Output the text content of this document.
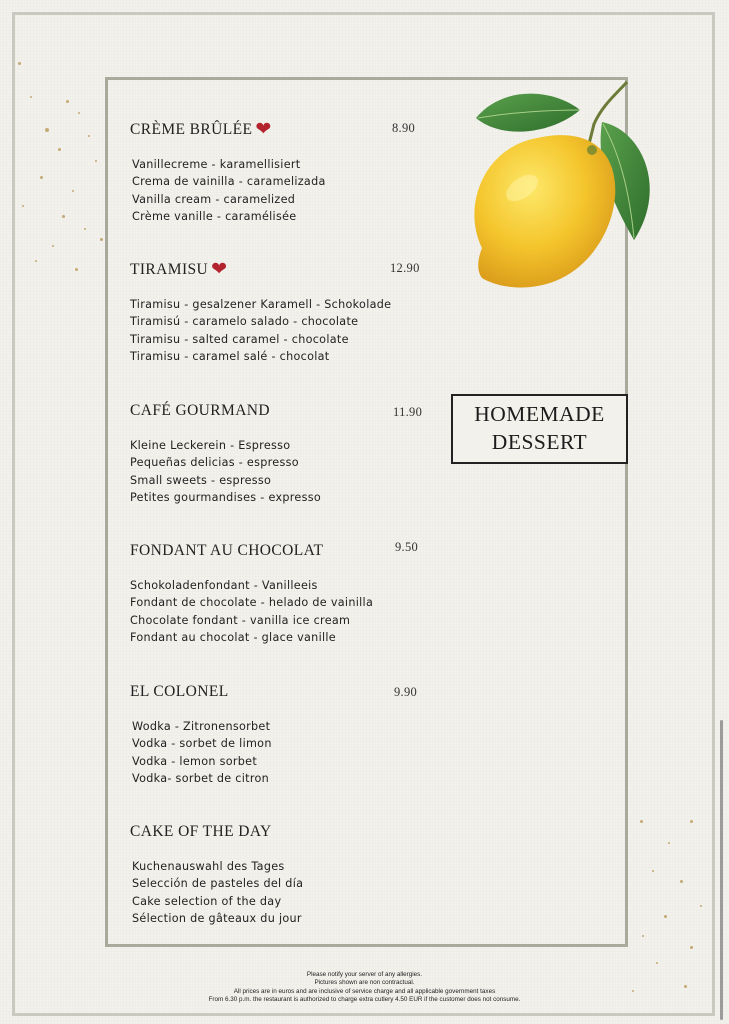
HOMEMADE
DESSERT
CRÈME BRÛLÉE ❤	8.90
Vanillecreme - karamellisiert
Crema de vainilla - caramelizada
Vanilla cream - caramelized
Crème vanille - caramélisée
TIRAMISU ❤	12.90
Tiramisu - gesalzener Karamell - Schokolade
Tiramisú - caramelo salado - chocolate
Tiramisu - salted caramel - chocolate
Tiramisu - caramel salé - chocolat
CAFÉ GOURMAND	11.90
Kleine Leckerein - Espresso
Pequeñas delicias - espresso
Small sweets - espresso
Petites gourmandises - expresso
FONDANT AU CHOCOLAT	9.50
Schokoladenfondant - Vanilleeis
Fondant de chocolate - helado de vainilla
Chocolate fondant - vanilla ice cream
Fondant au chocolat - glace vanille
EL COLONEL	9.90
Wodka - Zitronensorbet
Vodka - sorbet de limon
Vodka - lemon sorbet
Vodka- sorbet de citron
CAKE OF THE DAY
Kuchenauswahl des Tages
Selección de pasteles del día
Cake selection of the day
Sélection de gâteaux du jour
Please notify your server of any allergies.
Pictures shown are non contractual.
All prices are in euros and are inclusive of service charge and all applicable government taxes
From 6.30 p.m. the restaurant is authorized to charge extra cutlery 4.50 EUR if the customer does not consume.
